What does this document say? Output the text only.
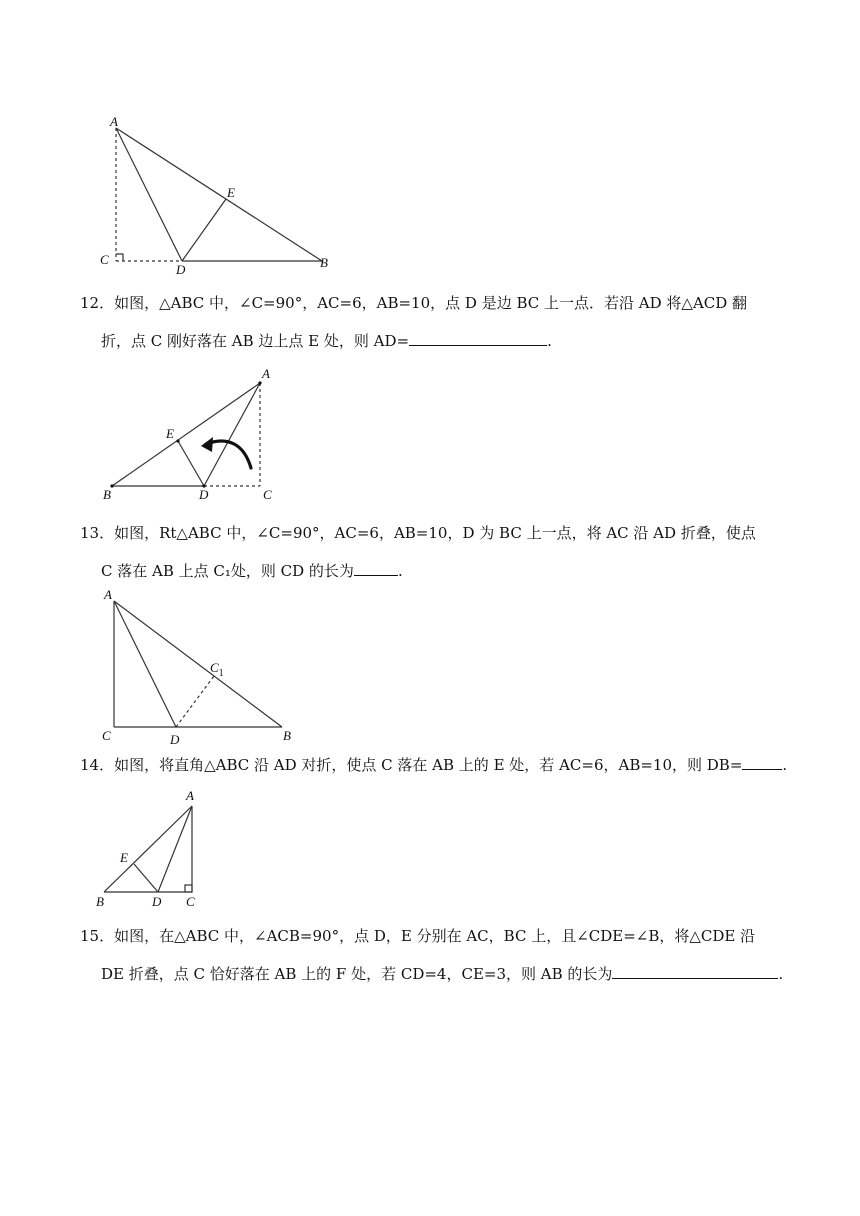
A
C
D
E
B
12．如图，△ABC 中，∠C=90°，AC=6，AB=10，点 D 是边 BC 上一点．若沿 AD 将△ACD 翻
折，点 C 刚好落在 AB 边上点 E 处，则 AD=	.
A
E
B	D	C
13．如图，Rt△ABC 中，∠C=90°，AC=6，AB=10，D 为 BC 上一点，将 AC 沿 AD 折叠，使点
C 落在 AB 上点 C₁处，则 CD 的长为	.
A
$C_1$
C	D	B
14．如图，将直角△ABC 沿 AD 对折，使点 C 落在 AB 上的 E 处，若 AC=6，AB=10，则 DB=	.
A
E
B	D C
15．如图，在△ABC 中，∠ACB=90°，点 D，E 分别在 AC，BC 上，且∠CDE=∠B，将△CDE 沿
DE 折叠，点 C 恰好落在 AB 上的 F 处，若 CD=4，CE=3，则 AB 的长为	.
